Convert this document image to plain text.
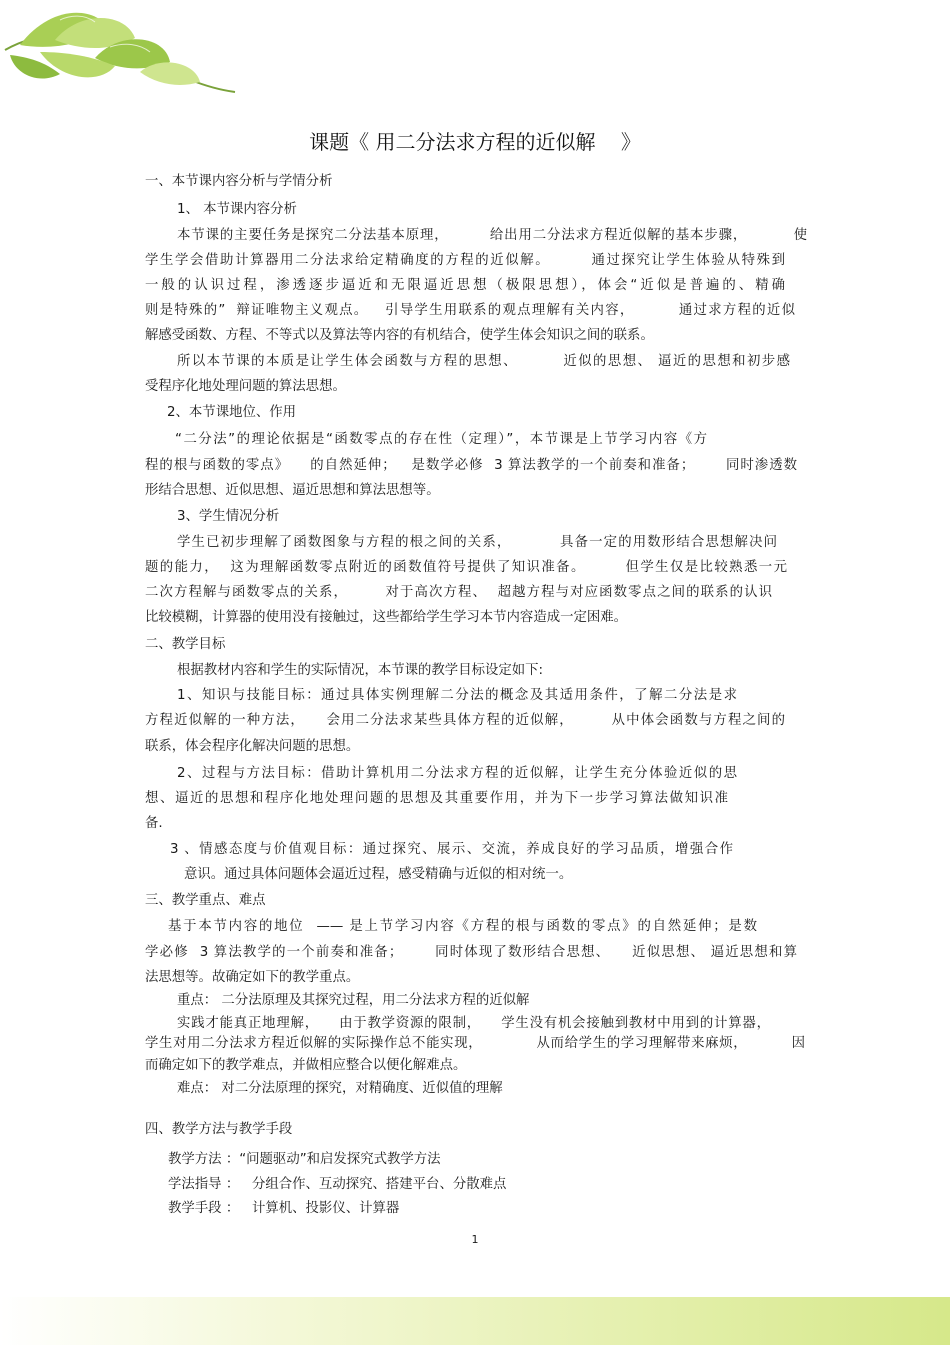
课题《 用二分法求方程的近似解    》
一、本节课内容分析与学情分析
1、 本节课内容分析
本节课的主要任务是探究二分法基本原理，        给出用二分法求方程近似解的基本步骤，         使
学生学会借助计算器用二分法求给定精确度的方程的近似解。       通过探究让学生体验从特殊到
一般的认识过程，渗透逐步逼近和无限逼近思想（极限思想），体会“近似是普遍的、精确
则是特殊的”  辩证唯物主义观点。   引导学生用联系的观点理解有关内容，        通过求方程的近似
解感受函数、方程、不等式以及算法等内容的有机结合，使学生体会知识之间的联系。
所以本节课的本质是让学生体会函数与方程的思想、        近似的思想、 逼近的思想和初步感
受程序化地处理问题的算法思想。
2、本节课地位、作用
“二分法”的理论依据是“函数零点的存在性（定理）”，本节课是上节学习内容《方
程的根与函数的零点》    的自然延伸；   是数学必修  3 算法教学的一个前奏和准备；      同时渗透数
形结合思想、近似思想、逼近思想和算法思想等。
3、学生情况分析
学生已初步理解了函数图象与方程的根之间的关系，         具备一定的用数形结合思想解决问
题的能力，  这为理解函数零点附近的函数值符号提供了知识准备。       但学生仅是比较熟悉一元
二次方程解与函数零点的关系，       对于高次方程、  超越方程与对应函数零点之间的联系的认识
比较模糊，计算器的使用没有接触过，这些都给学生学习本节内容造成一定困难。
二、教学目标
根据教材内容和学生的实际情况，本节课的教学目标设定如下:
1、知识与技能目标：通过具体实例理解二分法的概念及其适用条件，了解二分法是求
方程近似解的一种方法，    会用二分法求某些具体方程的近似解，       从中体会函数与方程之间的
联系，体会程序化解决问题的思想。
2、过程与方法目标：借助计算机用二分法求方程的近似解，让学生充分体验近似的思
想、逼近的思想和程序化地处理问题的思想及其重要作用，并为下一步学习算法做知识准
备.
3 、情感态度与价值观目标：通过探究、展示、交流，养成良好的学习品质，增强合作
意识。通过具体问题体会逼近过程，感受精确与近似的相对统一。
三、教学重点、难点
基于本节内容的地位  —— 是上节学习内容《方程的根与函数的零点》的自然延伸；是数
学必修  3 算法教学的一个前奏和准备；      同时体现了数形结合思想、    近似思想、 逼近思想和算
法思想等。故确定如下的教学重点。
重点： 二分法原理及其探究过程，用二分法求方程的近似解
实践才能真正地理解，    由于教学资源的限制，    学生没有机会接触到教材中用到的计算器，
学生对用二分法求方程近似解的实际操作总不能实现，           从而给学生的学习理解带来麻烦，         因
而确定如下的教学难点，并做相应整合以便化解难点。
难点： 对二分法原理的探究，对精确度、近似值的理解
四、教学方法与教学手段
教学方法 ：“问题驱动”和启发探究式教学方法
学法指导 ：   分组合作、互动探究、搭建平台、分散难点
教学手段 ：   计算机、投影仪、计算器
1
